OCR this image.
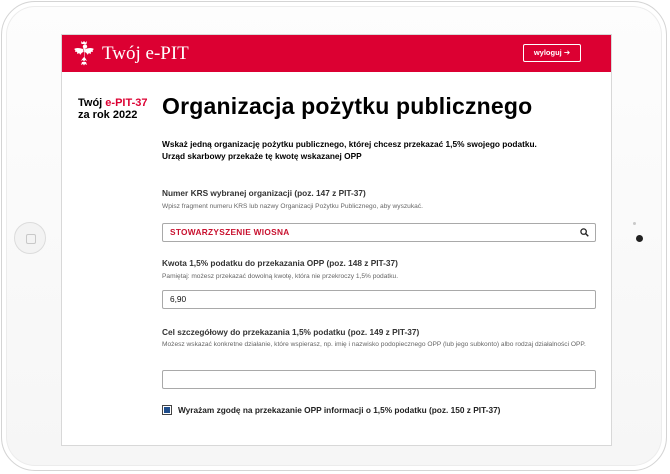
Twój e-PIT	wyloguj ➔
Twój e-PIT-37
za rok 2022	Organizacja pożytku publicznego
Wskaż jedną organizację pożytku publicznego, której chcesz przekazać 1,5% swojego podatku.
Urząd skarbowy przekaże tę kwotę wskazanej OPP
Numer KRS wybranej organizacji (poz. 147 z PIT-37)
Wpisz fragment numeru KRS lub nazwy Organizacji Pożytku Publicznego, aby wyszukać.
STOWARZYSZENIE WIOSNA
Kwota 1,5% podatku do przekazania OPP (poz. 148 z PIT-37)
Pamiętaj: możesz przekazać dowolną kwotę, która nie przekroczy 1,5% podatku.
6,90
Cel szczegółowy do przekazania 1,5% podatku (poz. 149 z PIT-37)
Możesz wskazać konkretne działanie, które wspierasz, np. imię i nazwisko podopiecznego OPP (lub jego subkonto) albo rodzaj działalności OPP.
Wyrażam zgodę na przekazanie OPP informacji o 1,5% podatku (poz. 150 z PIT-37)
